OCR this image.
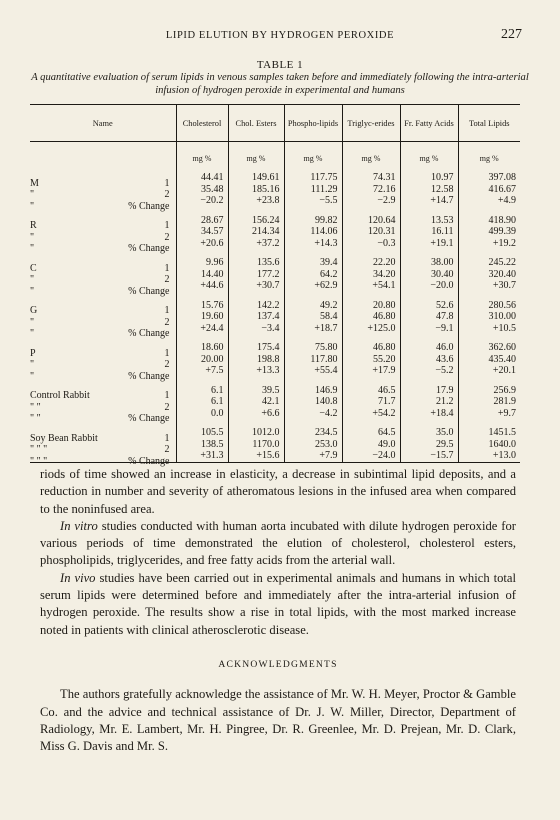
LIPID ELUTION BY HYDROGEN PEROXIDE	227
TABLE 1
A quantitative evaluation of serum lipids in venous samples taken before and immediately following the intra-arterial infusion of hydrogen peroxide in experimental and humans
Name	Cholesterol	Chol. Esters	Phospho-lipids	Triglyc-erides	Fr. Fatty Acids	Total Lipids
	mg %	mg %	mg %	mg %	mg %	mg %

M 1	44.41	149.61	117.75	74.31	10.97	397.08

" 2	35.48	185.16	111.29	72.16	12.58	416.67

" % Change	−20.2	+23.8	−5.5	−2.9	+14.7	+4.9

R 1	28.67	156.24	99.82	120.64	13.53	418.90

" 2	34.57	214.34	114.06	120.31	16.11	499.39

" % Change	+20.6	+37.2	+14.3	−0.3	+19.1	+19.2

C 1	9.96	135.6	39.4	22.20	38.00	245.22

" 2	14.40	177.2	64.2	34.20	30.40	320.40

" % Change	+44.6	+30.7	+62.9	+54.1	−20.0	+30.7

G 1	15.76	142.2	49.2	20.80	52.6	280.56

" 2	19.60	137.4	58.4	46.80	47.8	310.00

" % Change	+24.4	−3.4	+18.7	+125.0	−9.1	+10.5

P 1	18.60	175.4	75.80	46.80	46.0	362.60

" 2	20.00	198.8	117.80	55.20	43.6	435.40

" % Change	+7.5	+13.3	+55.4	+17.9	−5.2	+20.1

Control Rabbit 1	6.1	39.5	146.9	46.5	17.9	256.9

" " 2	6.1	42.1	140.8	71.7	21.2	281.9

" " % Change	0.0	+6.6	−4.2	+54.2	+18.4	+9.7

Soy Bean Rabbit 1	105.5	1012.0	234.5	64.5	35.0	1451.5

" " " 2	138.5	1170.0	253.0	49.0	29.5	1640.0

" " " % Change	+31.3	+15.6	+7.9	−24.0	−15.7	+13.0

riods of time showed an increase in elasticity, a decrease in subintimal lipid deposits, and a reduction in number and severity of atheromatous lesions in the infused area when compared to the noninfused area.

In vitro studies conducted with human aorta incubated with dilute hydrogen peroxide for various periods of time demonstrated the elution of cholesterol, cholesterol esters, phospholipids, triglycerides, and free fatty acids from the arterial wall.

In vivo studies have been carried out in experimental animals and humans in which total serum lipids were determined before and immediately after the intra-arterial infusion of hydrogen peroxide. The results show a rise in total lipids, with the most marked increase noted in patients with clinical atherosclerotic disease.

ACKNOWLEDGMENTS

The authors gratefully acknowledge the assistance of Mr. W. H. Meyer, Proctor & Gamble Co. and the advice and technical assistance of Dr. J. W. Miller, Director, Department of Radiology, Mr. E. Lambert, Mr. H. Pingree, Dr. R. Greenlee, Mr. D. Prejean, Mr. D. Clark, Miss G. Davis and Mr. S.
